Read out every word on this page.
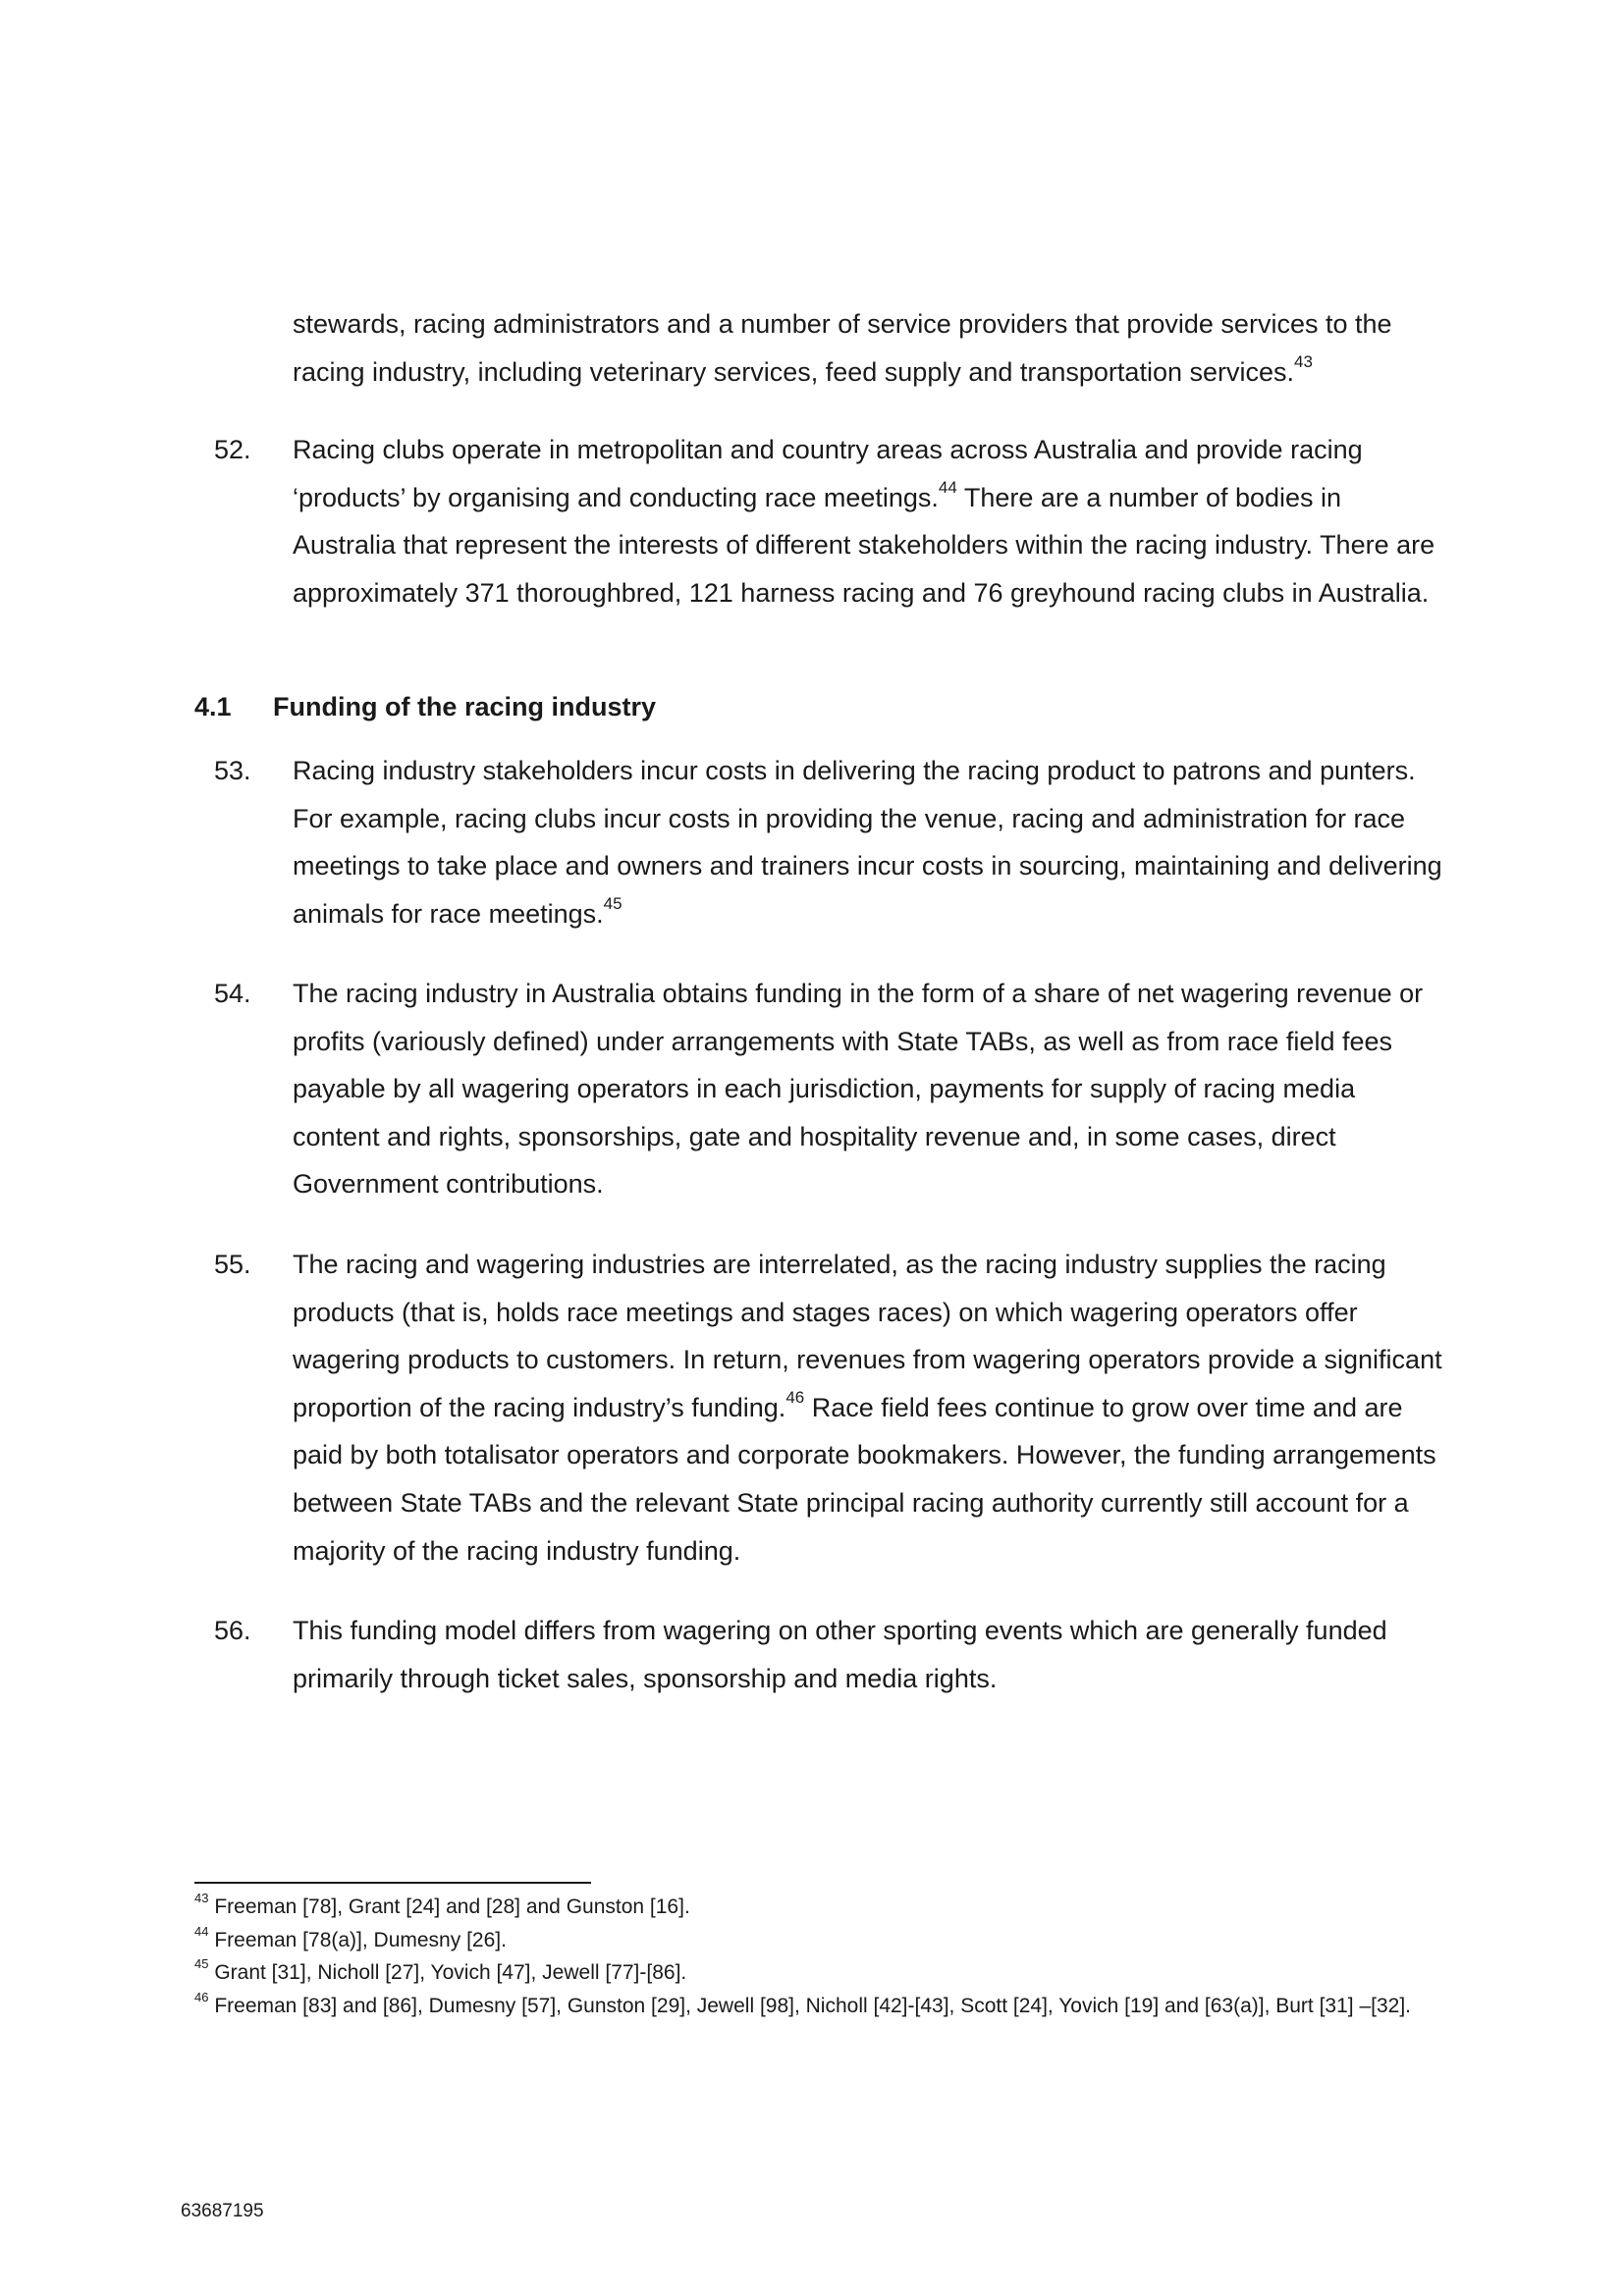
stewards, racing administrators and a number of service providers that provide services to the racing industry, including veterinary services, feed supply and transportation services.$^{43}$

52.	Racing clubs operate in metropolitan and country areas across Australia and provide racing ‘products’ by organising and conducting race meetings.$^{44}$ There are a number of bodies in Australia that represent the interests of different stakeholders within the racing industry. There are approximately 371 thoroughbred, 121 harness racing and 76 greyhound racing clubs in Australia.

4.1 Funding of the racing industry
53.	Racing industry stakeholders incur costs in delivering the racing product to patrons and punters. For example, racing clubs incur costs in providing the venue, racing and administration for race meetings to take place and owners and trainers incur costs in sourcing, maintaining and delivering animals for race meetings.$^{45}$

54.	The racing industry in Australia obtains funding in the form of a share of net wagering revenue or profits (variously defined) under arrangements with State TABs, as well as from race field fees payable by all wagering operators in each jurisdiction, payments for supply of racing media content and rights, sponsorships, gate and hospitality revenue and, in some cases, direct Government contributions.

55.	The racing and wagering industries are interrelated, as the racing industry supplies the racing products (that is, holds race meetings and stages races) on which wagering operators offer wagering products to customers. In return, revenues from wagering operators provide a significant proportion of the racing industry’s funding.$^{46}$ Race field fees continue to grow over time and are paid by both totalisator operators and corporate bookmakers. However, the funding arrangements between State TABs and the relevant State principal racing authority currently still account for a majority of the racing industry funding.

56.	This funding model differs from wagering on other sporting events which are generally funded primarily through ticket sales, sponsorship and media rights.

$^{43}$ Freeman [78], Grant [24] and [28] and Gunston [16].

$^{44}$ Freeman [78(a)], Dumesny [26].

$^{45}$ Grant [31], Nicholl [27], Yovich [47], Jewell [77]-[86].

$^{46}$ Freeman [83] and [86], Dumesny [57], Gunston [29], Jewell [98], Nicholl [42]-[43], Scott [24], Yovich [19] and [63(a)], Burt [31] –[32].

63687195
